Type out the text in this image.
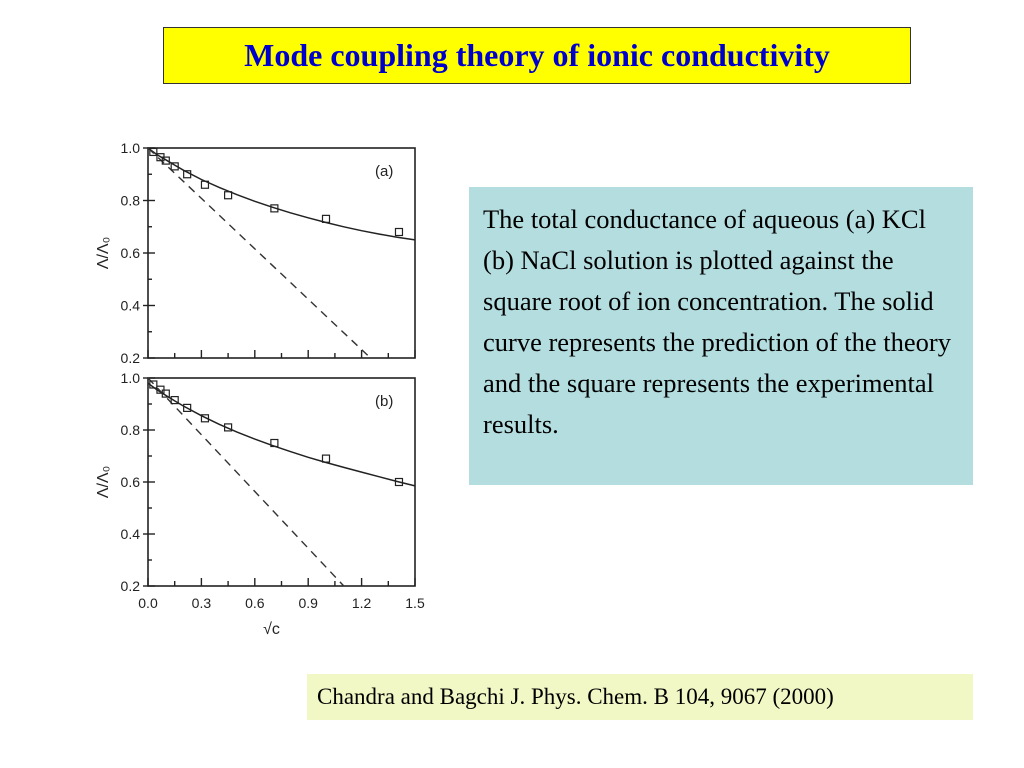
Mode coupling theory of ionic conductivity
1.0
0.8
0.6
0.4
0.2
Λ/Λ₀
(a)
1.0
0.8
0.6
0.4
0.2
Λ/Λ₀
(b)
0.0 0.3 0.6 0.9 1.2 1.5
√c
The total conductance of aqueous (a) KCl (b) NaCl solution is plotted against the square root of ion concentration. The solid curve represents the prediction of the theory and the square represents the experimental results.
Chandra and Bagchi J. Phys. Chem. B 104, 9067 (2000)
